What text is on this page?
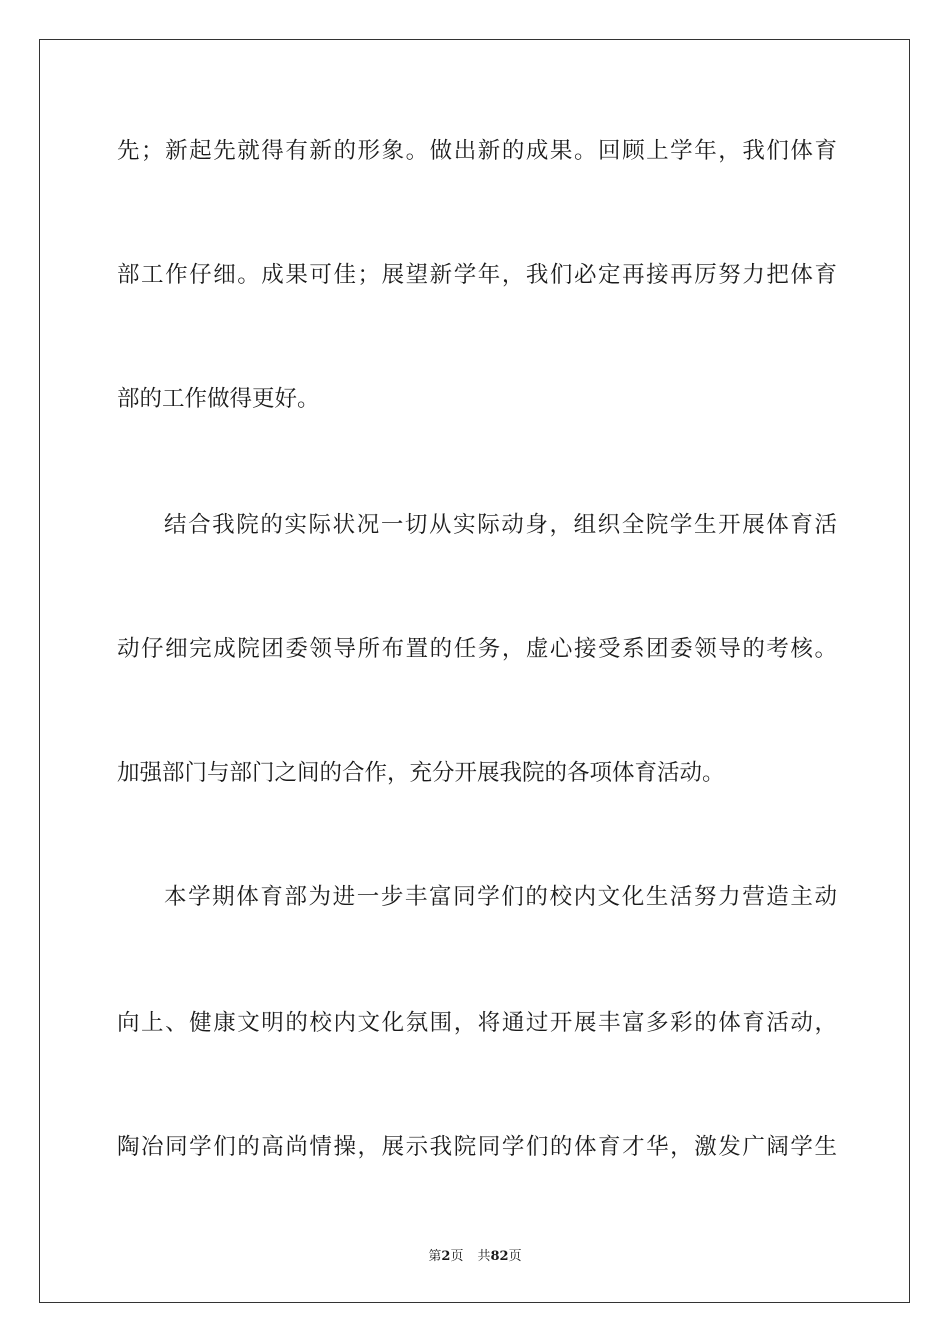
先；新起先就得有新的形象。做出新的成果。回顾上学年，我们体育

部工作仔细。成果可佳；展望新学年，我们必定再接再厉努力把体育

部的工作做得更好。

结合我院的实际状况一切从实际动身，组织全院学生开展体育活

动仔细完成院团委领导所布置的任务，虚心接受系团委领导的考核。

加强部门与部门之间的合作，充分开展我院的各项体育活动。

本学期体育部为进一步丰富同学们的校内文化生活努力营造主动

向上、健康文明的校内文化氛围，将通过开展丰富多彩的体育活动，

陶冶同学们的高尚情操，展示我院同学们的体育才华，激发广阔学生

第2页 共82页
